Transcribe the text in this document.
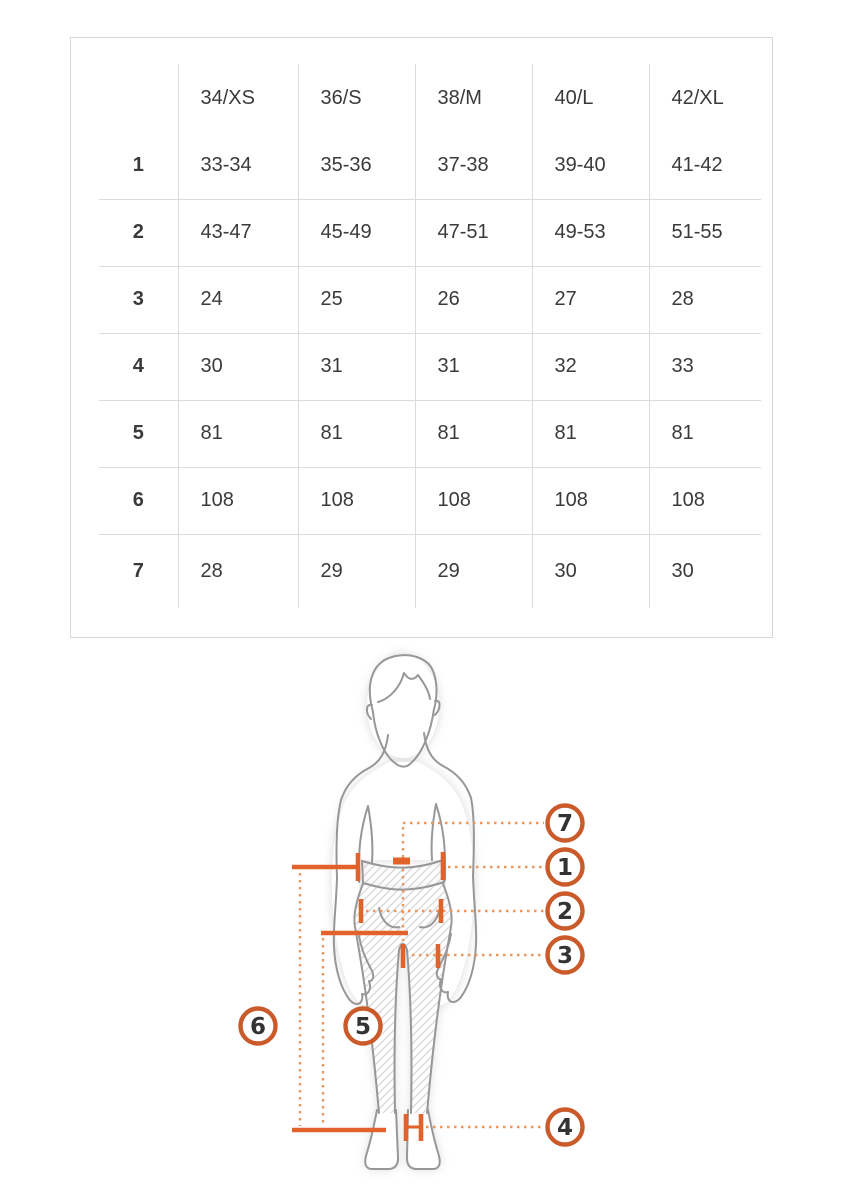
	34/XS	36/S	38/M	40/L	42/XL
1	33-34	35-36	37-38	39-40	41-42
2	43-47	45-49	47-51	49-53	51-55
3	24	25	26	27	28
4	30	31	31	32	33
5	81	81	81	81	81
6	108	108	108	108	108
7	28	29	29	30	30
7
1
2
3
4
5
6
